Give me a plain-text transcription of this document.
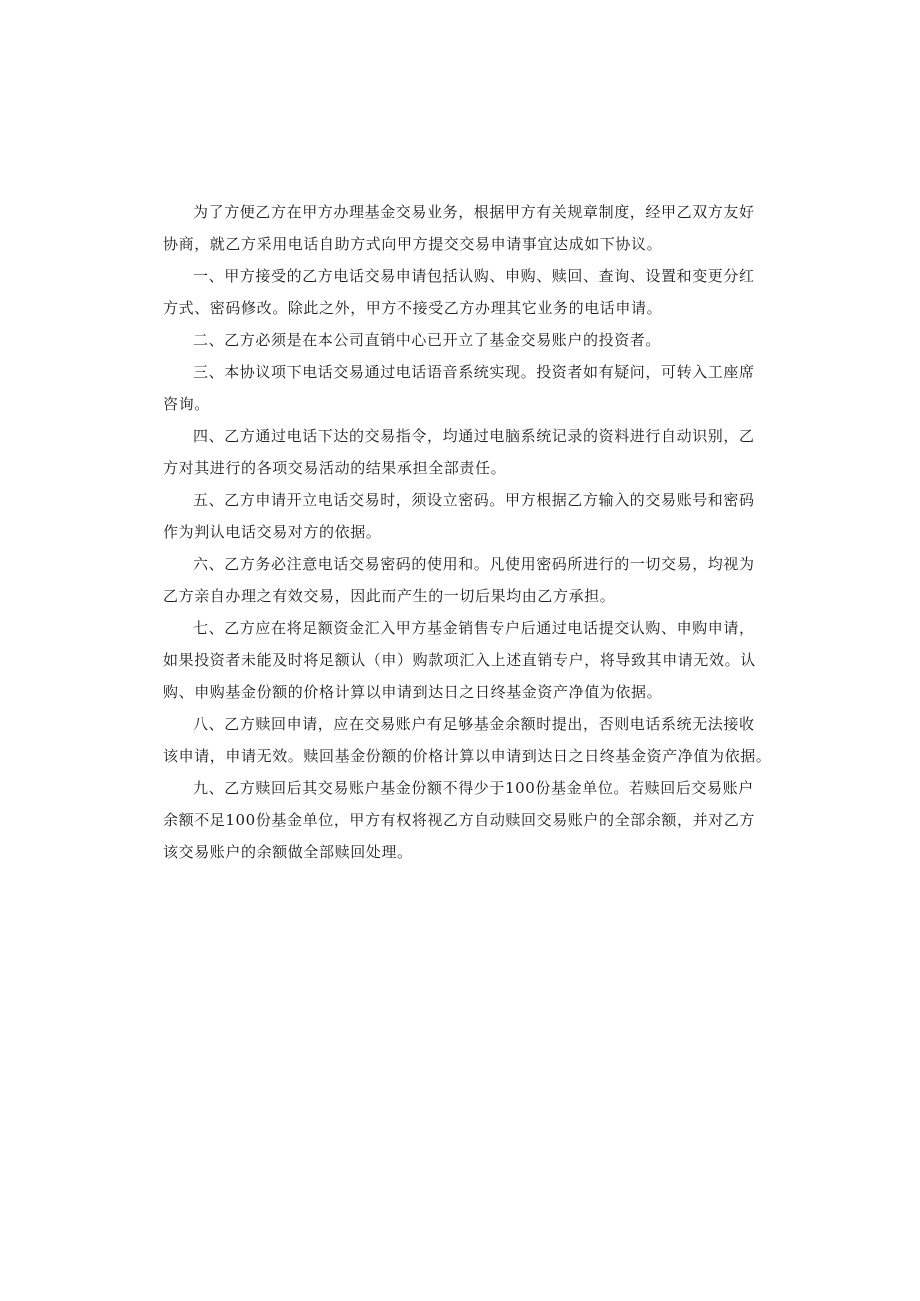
为了方便乙方在甲方办理基金交易业务，根据甲方有关规章制度，经甲乙双方友好
协商，就乙方采用电话自助方式向甲方提交交易申请事宜达成如下协议。

一、甲方接受的乙方电话交易申请包括认购、申购、赎回、查询、设置和变更分红
方式、密码修改。除此之外，甲方不接受乙方办理其它业务的电话申请。

二、乙方必须是在本公司直销中心已开立了基金交易账户的投资者。

三、本协议项下电话交易通过电话语音系统实现。投资者如有疑问，可转入工座席
咨询。

四、乙方通过电话下达的交易指令，均通过电脑系统记录的资料进行自动识别，乙
方对其进行的各项交易活动的结果承担全部责任。

五、乙方申请开立电话交易时，须设立密码。甲方根据乙方输入的交易账号和密码
作为判认电话交易对方的依据。

六、乙方务必注意电话交易密码的使用和。凡使用密码所进行的一切交易，均视为
乙方亲自办理之有效交易，因此而产生的一切后果均由乙方承担。

七、乙方应在将足额资金汇入甲方基金销售专户后通过电话提交认购、申购申请，
如果投资者未能及时将足额认（申）购款项汇入上述直销专户，将导致其申请无效。认
购、申购基金份额的价格计算以申请到达日之日终基金资产净值为依据。

八、乙方赎回申请，应在交易账户有足够基金余额时提出，否则电话系统无法接收
该申请，申请无效。赎回基金份额的价格计算以申请到达日之日终基金资产净值为依据。

九、乙方赎回后其交易账户基金份额不得少于100份基金单位。若赎回后交易账户
余额不足100份基金单位，甲方有权将视乙方自动赎回交易账户的全部余额，并对乙方
该交易账户的余额做全部赎回处理。
